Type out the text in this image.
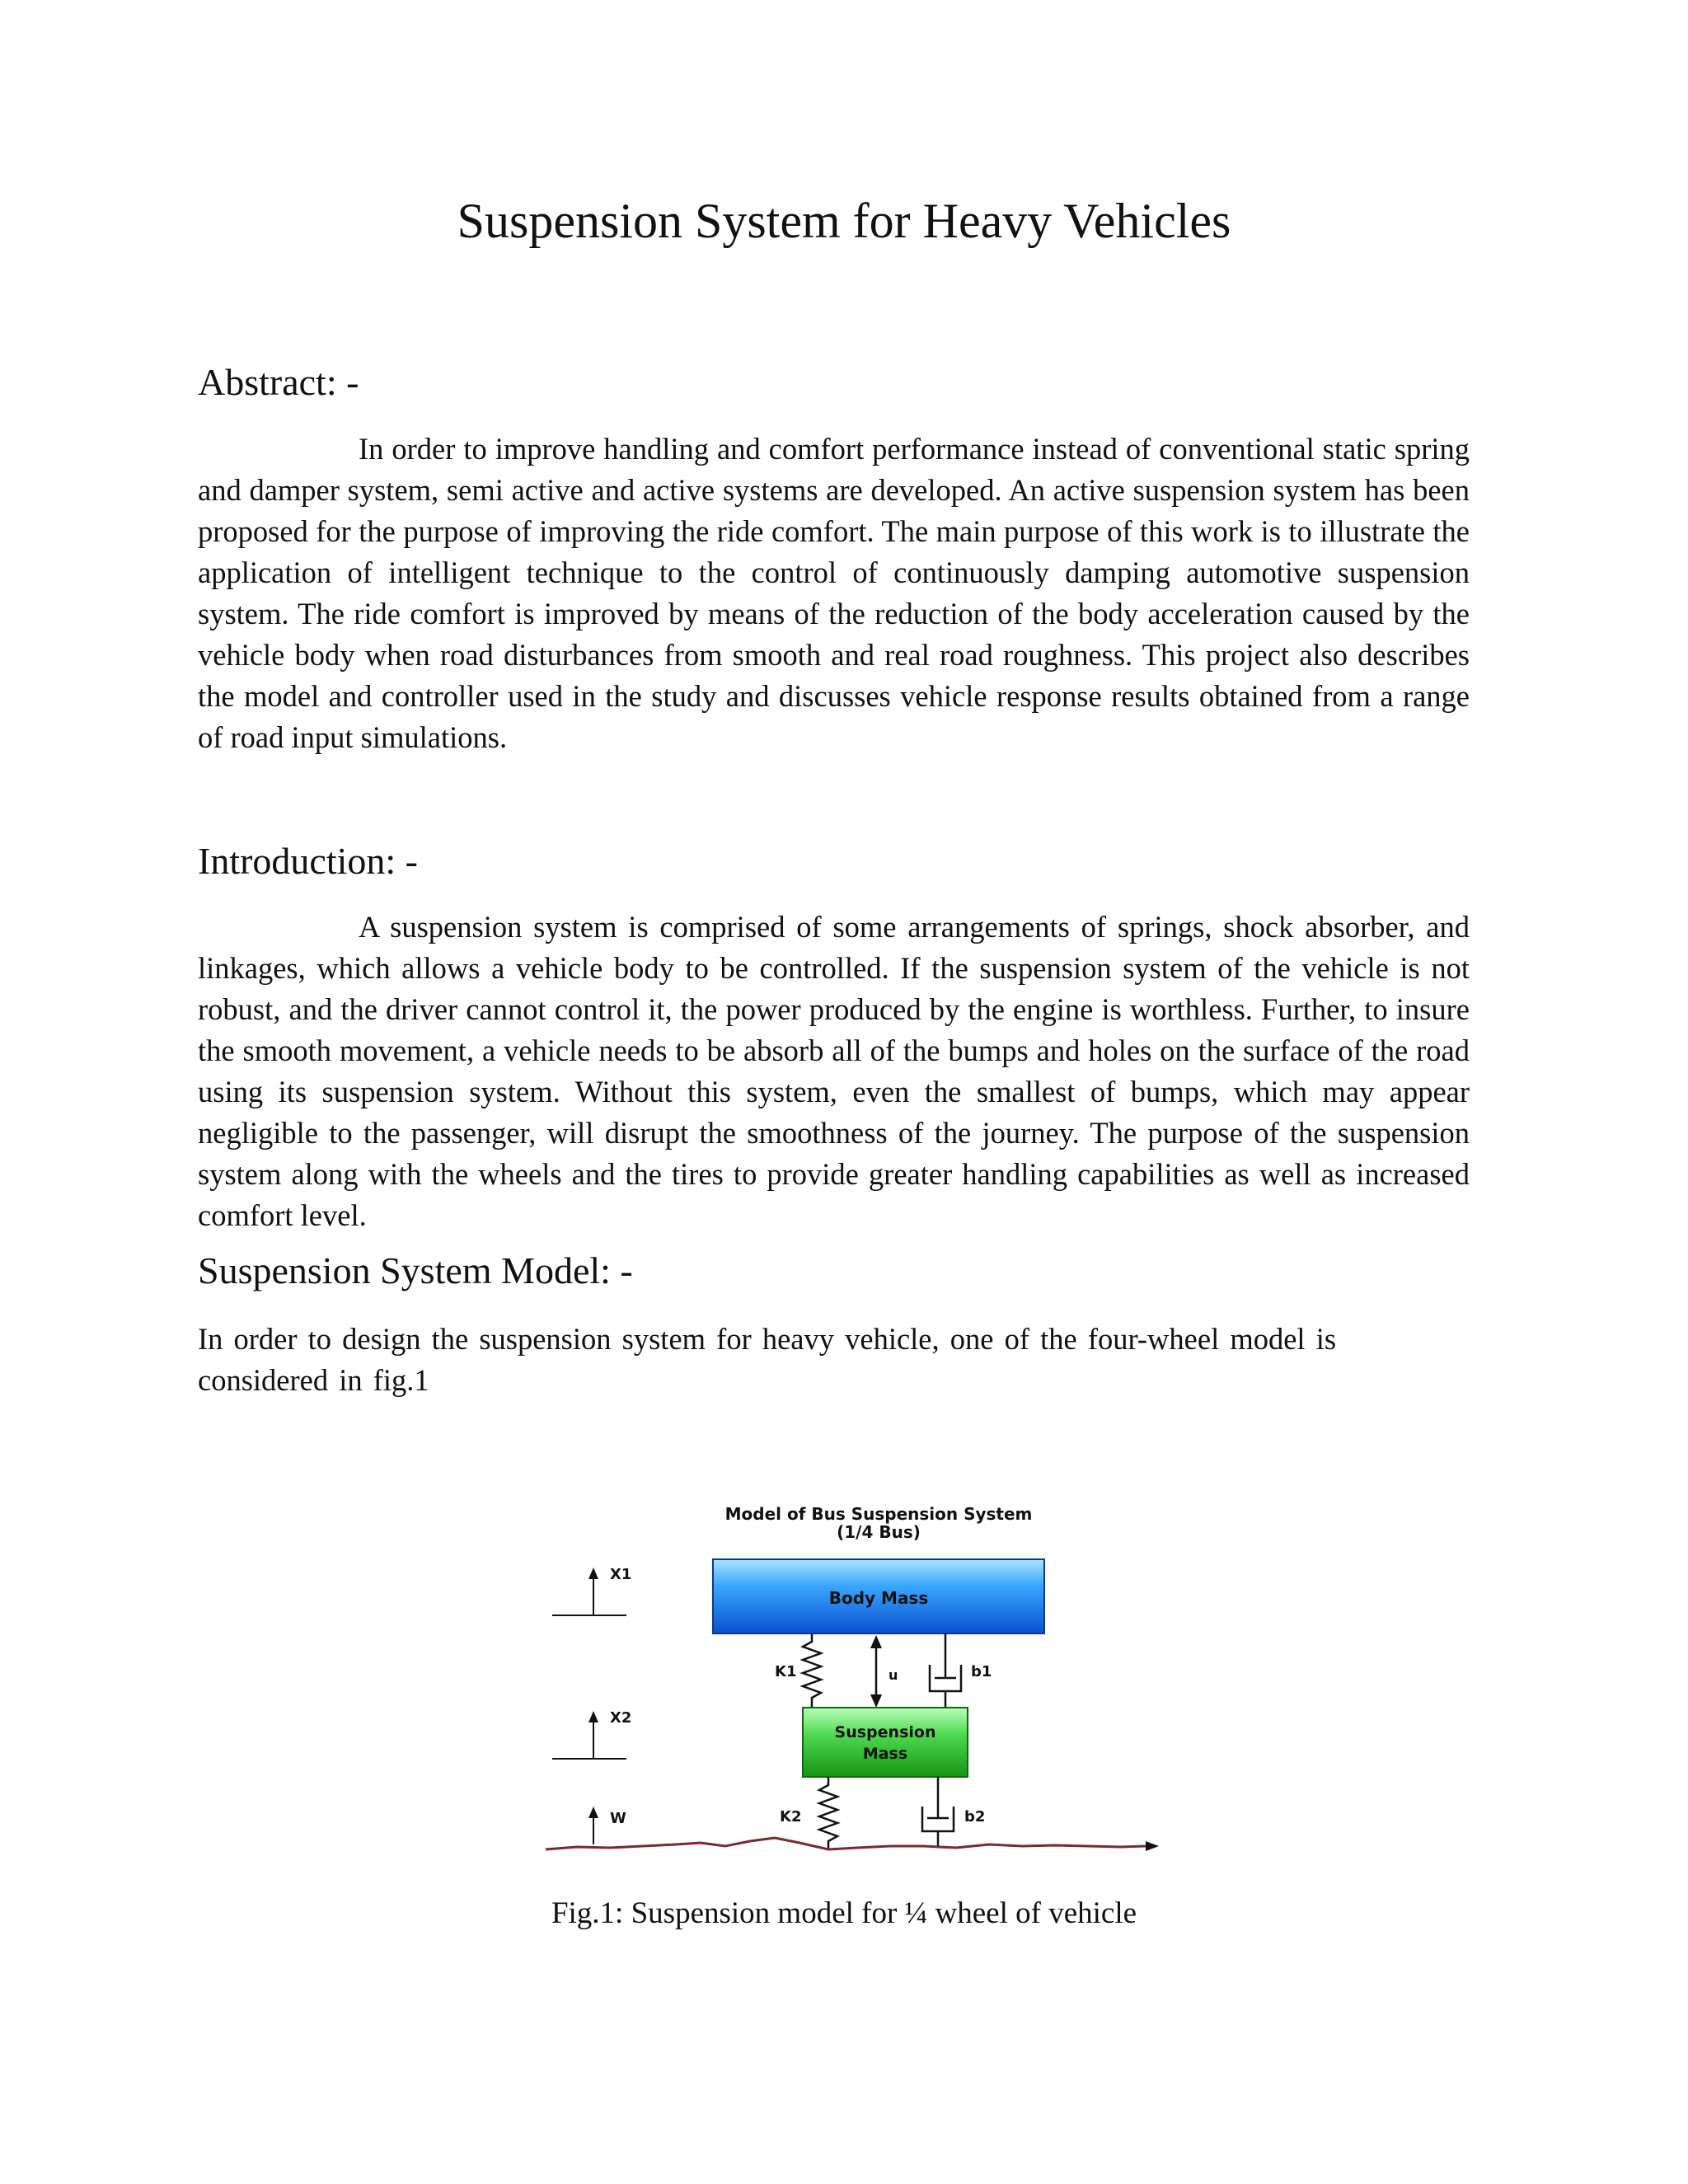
Suspension System for Heavy Vehicles
Abstract: -

In order to improve handling and comfort performance instead of conventional static spring and damper system, semi active and active systems are developed. An active suspension system has been proposed for the purpose of improving the ride comfort. The main purpose of this work is to illustrate the application of intelligent technique to the control of continuously damping automotive suspension system. The ride comfort is improved by means of the reduction of the body acceleration caused by the vehicle body when road disturbances from smooth and real road roughness. This project also describes the model and controller used in the study and discusses vehicle response results obtained from a range of road input simulations.

Introduction: -

A suspension system is comprised of some arrangements of springs, shock absorber, and linkages, which allows a vehicle body to be controlled. If the suspension system of the vehicle is not robust, and the driver cannot control it, the power produced by the engine is worthless. Further, to insure the smooth movement, a vehicle needs to be absorb all of the bumps and holes on the surface of the road using its suspension system. Without this system, even the smallest of bumps, which may appear negligible to the passenger, will disrupt the smoothness of the journey. The purpose of the suspension system along with the wheels and the tires to provide greater handling capabilities as well as increased comfort level.

Suspension System Model: -

In order to design the suspension system for heavy vehicle, one of the four-wheel model is considered in fig.1

Model of Bus Suspension System
(1/4 Bus)
X1
X2
W
Body Mass
K1	u	b1
Suspension
Mass
K2	b2

Fig.1: Suspension model for ¼ wheel of vehicle
